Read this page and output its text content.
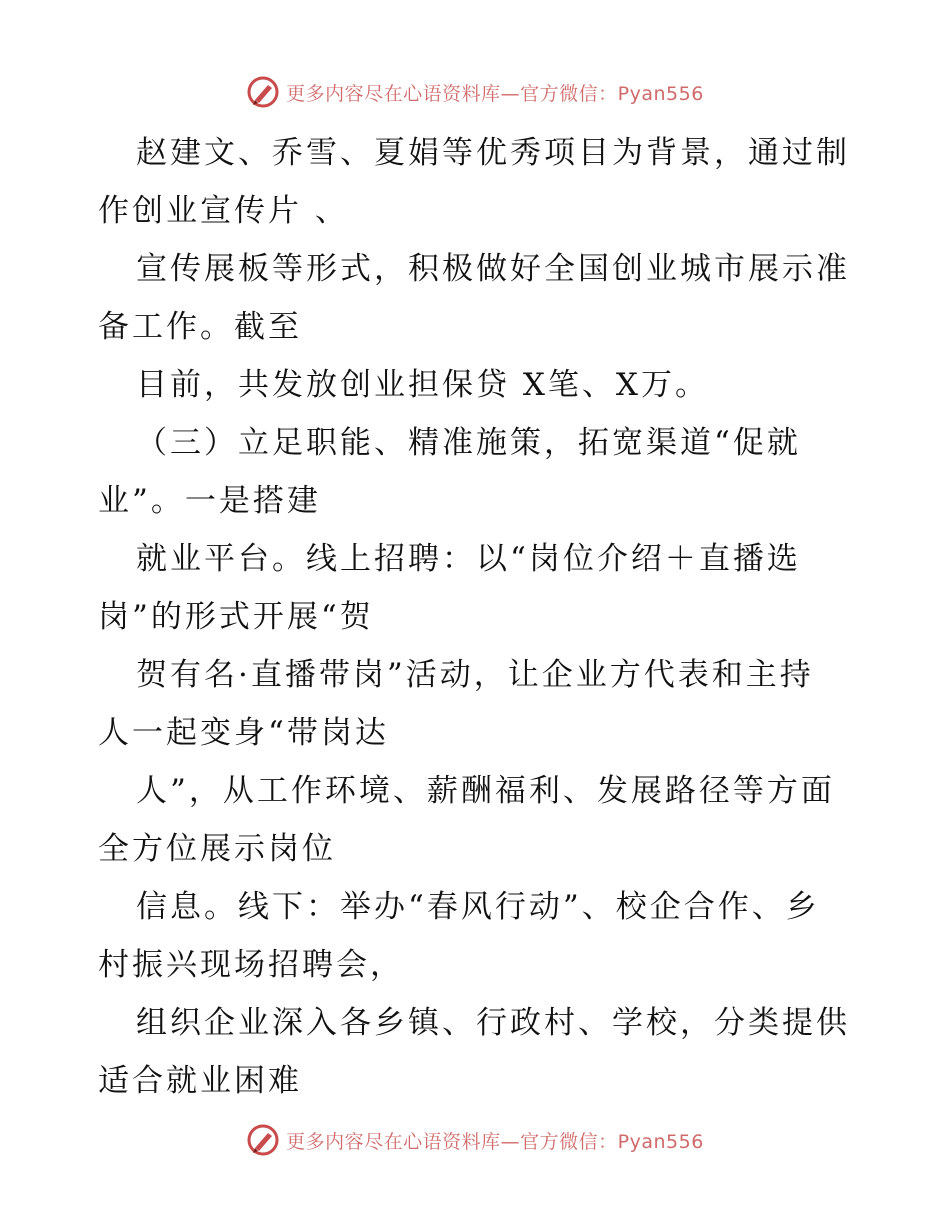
更多内容尽在心语资料库—官方微信：Pyan556
赵建文、乔雪、夏娟等优秀项目为背景，通过制
作创业宣传片 、
宣传展板等形式，积极做好全国创业城市展示准
备工作。截至
目前，共发放创业担保贷 X笔、X万。
（三）立足职能、精准施策，拓宽渠道“促就
业”。一是搭建
就业平台。线上招聘：以“岗位介绍＋直播选
岗”的形式开展“贺
贺有名·直播带岗”活动，让企业方代表和主持
人一起变身“带岗达
人”，从工作环境、薪酬福利、发展路径等方面
全方位展示岗位
信息。线下：举办“春风行动”、校企合作、乡
村振兴现场招聘会，
组织企业深入各乡镇、行政村、学校，分类提供
适合就业困难
更多内容尽在心语资料库—官方微信：Pyan556
